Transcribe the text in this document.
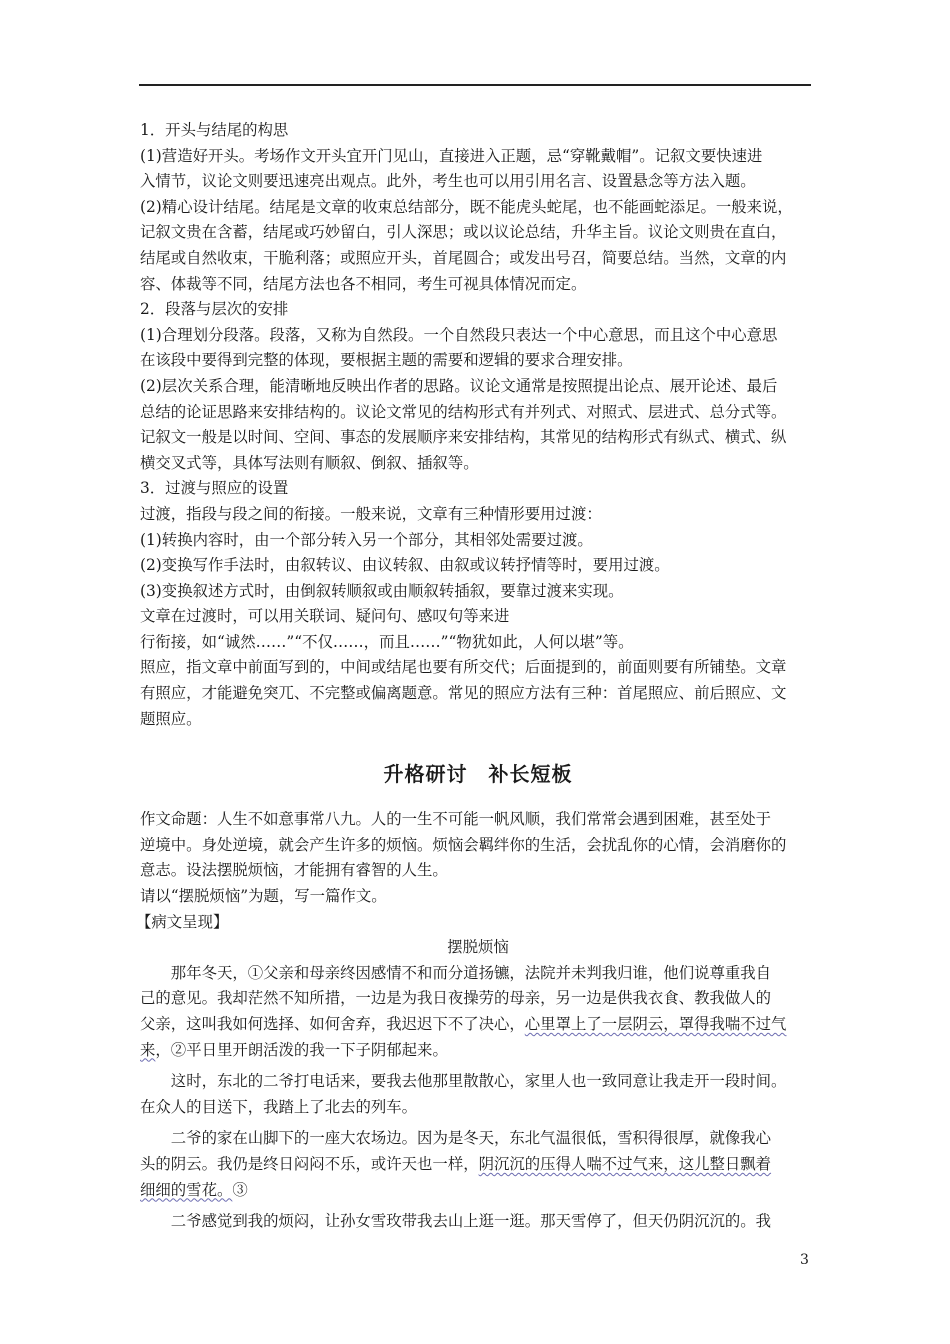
1．开头与结尾的构思
(1)营造好开头。考场作文开头宜开门见山，直接进入正题，忌“穿靴戴帽”。记叙文要快速进
入情节，议论文则要迅速亮出观点。此外，考生也可以用引用名言、设置悬念等方法入题。
(2)精心设计结尾。结尾是文章的收束总结部分，既不能虎头蛇尾，也不能画蛇添足。一般来说，
记叙文贵在含蓄，结尾或巧妙留白，引人深思；或以议论总结，升华主旨。议论文则贵在直白，
结尾或自然收束，干脆利落；或照应开头，首尾圆合；或发出号召，简要总结。当然，文章的内
容、体裁等不同，结尾方法也各不相同，考生可视具体情况而定。
2．段落与层次的安排
(1)合理划分段落。段落，又称为自然段。一个自然段只表达一个中心意思，而且这个中心意思
在该段中要得到完整的体现，要根据主题的需要和逻辑的要求合理安排。
(2)层次关系合理，能清晰地反映出作者的思路。议论文通常是按照提出论点、展开论述、最后
总结的论证思路来安排结构的。议论文常见的结构形式有并列式、对照式、层进式、总分式等。
记叙文一般是以时间、空间、事态的发展顺序来安排结构，其常见的结构形式有纵式、横式、纵
横交叉式等，具体写法则有顺叙、倒叙、插叙等。
3．过渡与照应的设置
过渡，指段与段之间的衔接。一般来说，文章有三种情形要用过渡：
(1)转换内容时，由一个部分转入另一个部分，其相邻处需要过渡。
(2)变换写作手法时，由叙转议、由议转叙、由叙或议转抒情等时，要用过渡。
(3)变换叙述方式时，由倒叙转顺叙或由顺叙转插叙，要靠过渡来实现。
文章在过渡时，可以用关联词、疑问句、感叹句等来进
行衔接，如“诚然……”“不仅……，而且……”“物犹如此，人何以堪”等。
照应，指文章中前面写到的，中间或结尾也要有所交代；后面提到的，前面则要有所铺垫。文章
有照应，才能避免突兀、不完整或偏离题意。常见的照应方法有三种：首尾照应、前后照应、文
题照应。
升格研讨　补长短板
作文命题：人生不如意事常八九。人的一生不可能一帆风顺，我们常常会遇到困难，甚至处于
逆境中。身处逆境，就会产生许多的烦恼。烦恼会羁绊你的生活，会扰乱你的心情，会消磨你的
意志。设法摆脱烦恼，才能拥有睿智的人生。
请以“摆脱烦恼”为题，写一篇作文。
【病文呈现】
摆脱烦恼
那年冬天，①父亲和母亲终因感情不和而分道扬镳，法院并未判我归谁，他们说尊重我自
己的意见。我却茫然不知所措，一边是为我日夜操劳的母亲，另一边是供我衣食、教我做人的
父亲，这叫我如何选择、如何舍弃，我迟迟下不了决心，心里罩上了一层阴云，罩得我喘不过气
来，②平日里开朗活泼的我一下子阴郁起来。
这时，东北的二爷打电话来，要我去他那里散散心，家里人也一致同意让我走开一段时间。
在众人的目送下，我踏上了北去的列车。
二爷的家在山脚下的一座大农场边。因为是冬天，东北气温很低，雪积得很厚，就像我心
头的阴云。我仍是终日闷闷不乐，或许天也一样，阴沉沉的压得人喘不过气来，这儿整日飘着
细细的雪花。③
二爷感觉到我的烦闷，让孙女雪玫带我去山上逛一逛。那天雪停了，但天仍阴沉沉的。我
3
